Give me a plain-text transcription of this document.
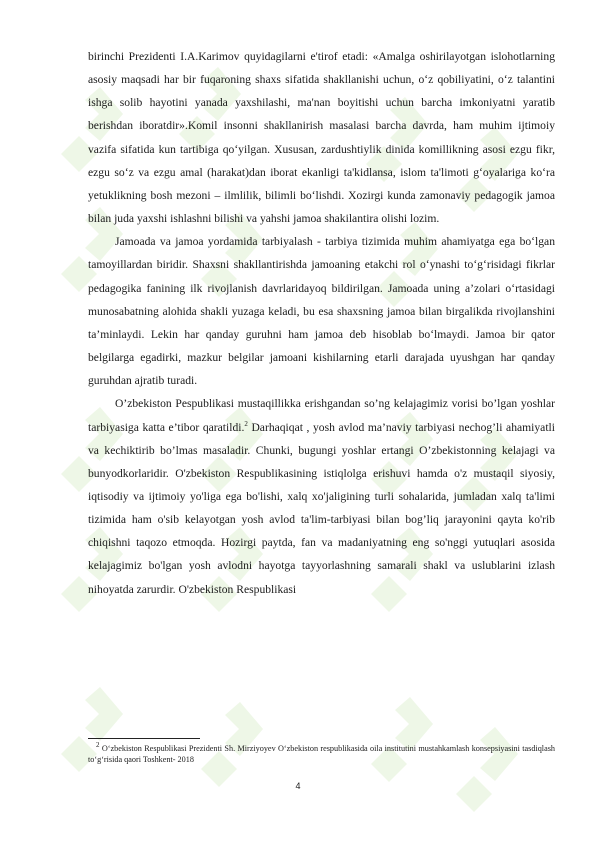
birinchi Prezidenti I.A.Karimov quyidagilarni e'tirof etadi: «Amalga oshirilayotgan islohotlarning asosiy maqsadi har bir fuqaroning shaxs sifatida shakllanishi uchun, o‘z qobiliyatini, o‘z talantini ishga solib hayotini yanada yaxshilashi, ma'nan boyitishi uchun barcha imkoniyatni yaratib berishdan iboratdir».Komil insonni shakllanirish masalasi barcha davrda, ham muhim ijtimoiy vazifa sifatida kun tartibiga qo‘yilgan. Xususan, zardushtiylik dinida komillikning asosi ezgu fikr, ezgu so‘z va ezgu amal (harakat)dan iborat ekanligi ta'kidlansa, islom ta'limoti g‘oyalariga ko‘ra yetuklikning bosh mezoni – ilmlilik, bilimli bo‘lishdi. Xozirgi kunda zamonaviy pedagogik jamoa bilan juda yaxshi ishlashni bilishi va yahshi jamoa shakilantira olishi lozim.

Jamoada va jamoa yordamida tarbiyalash - tarbiya tizimida muhim ahamiyatga ega bo‘lgan tamoyillardan biridir. Shaxsni shakllantirishda jamoaning etakchi rol o‘ynashi to‘g‘risidagi fikrlar pedagogika fanining ilk rivojlanish davrlaridayoq bildirilgan. Jamoada uning a’zolari o‘rtasidagi munosabatning alohida shakli yuzaga keladi, bu esa shaxsning jamoa bilan birgalikda rivojlanshini ta’minlaydi. Lekin har qanday guruhni ham jamoa deb hisoblab bo‘lmaydi. Jamoa bir qator belgilarga egadirki, mazkur belgilar jamoani kishilarning etarli darajada uyushgan har qanday guruhdan ajratib turadi.

O’zbekiston Pespublikasi mustaqillikka erishgandan so’ng kelajagimiz vorisi bo’lgan yoshlar tarbiyasiga katta e’tibor qaratildi.$^2$ Darhaqiqat , yosh avlod ma’naviy tarbiyasi nechog’li ahamiyatli va kechiktirib bo’lmas masaladir. Chunki, bugungi yoshlar ertangi O’zbekistonning kelajagi va bunyodkorlaridir. O'zbekiston Respublikasining istiqlolga erishuvi hamda o'z mustaqil siyosiy, iqtisodiy va ijtimoiy yo'liga ega bo'lishi, xalq xo'jaligining turli sohalarida, jumladan xalq ta'limi tizimida ham o'sib kelayotgan yosh avlod ta'lim-tarbiyasi bilan bog’liq jarayonini qayta ko'rib chiqishni taqozo etmoqda. Hozirgi paytda, fan va madaniyatning eng so'nggi yutuqlari asosida kelajagimiz bo'lgan yosh avlodni hayotga tayyorlashning samarali shakl va uslublarini izlash nihoyatda zarurdir. O'zbekiston Respublikasi

$^2$ O‘zbekiston Respublikasi Prezidenti Sh. Mirziyoyev O‘zbekiston respublikasida oila institutini mustahkamlash konsepsiyasini tasdiqlash to‘g‘risida qaori Toshkent- 2018
4
